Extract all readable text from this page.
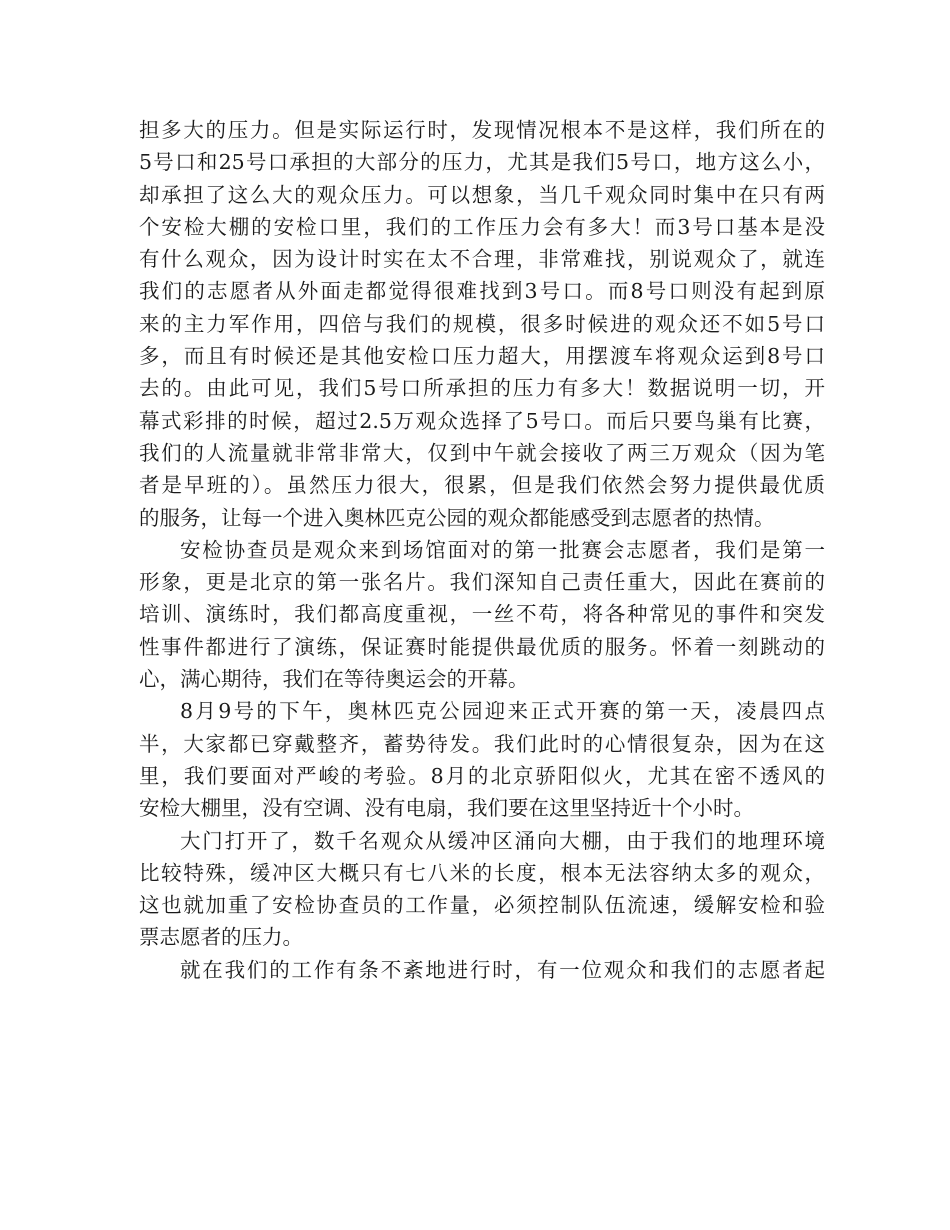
担多大的压力。但是实际运行时，发现情况根本不是这样，我们所在的
5号口和25号口承担的大部分的压力，尤其是我们5号口，地方这么小，
却承担了这么大的观众压力。可以想象，当几千观众同时集中在只有两
个安检大棚的安检口里，我们的工作压力会有多大！而3号口基本是没
有什么观众，因为设计时实在太不合理，非常难找，别说观众了，就连
我们的志愿者从外面走都觉得很难找到3号口。而8号口则没有起到原
来的主力军作用，四倍与我们的规模，很多时候进的观众还不如5号口
多，而且有时候还是其他安检口压力超大，用摆渡车将观众运到8号口
去的。由此可见，我们5号口所承担的压力有多大！数据说明一切，开
幕式彩排的时候，超过2.5万观众选择了5号口。而后只要鸟巢有比赛，
我们的人流量就非常非常大，仅到中午就会接收了两三万观众（因为笔
者是早班的）。虽然压力很大，很累，但是我们依然会努力提供最优质
的服务，让每一个进入奥林匹克公园的观众都能感受到志愿者的热情。
安检协查员是观众来到场馆面对的第一批赛会志愿者，我们是第一
形象，更是北京的第一张名片。我们深知自己责任重大，因此在赛前的
培训、演练时，我们都高度重视，一丝不苟，将各种常见的事件和突发
性事件都进行了演练，保证赛时能提供最优质的服务。怀着一刻跳动的
心，满心期待，我们在等待奥运会的开幕。
8月9号的下午，奥林匹克公园迎来正式开赛的第一天，凌晨四点
半，大家都已穿戴整齐，蓄势待发。我们此时的心情很复杂，因为在这
里，我们要面对严峻的考验。8月的北京骄阳似火，尤其在密不透风的
安检大棚里，没有空调、没有电扇，我们要在这里坚持近十个小时。
大门打开了，数千名观众从缓冲区涌向大棚，由于我们的地理环境
比较特殊，缓冲区大概只有七八米的长度，根本无法容纳太多的观众，
这也就加重了安检协查员的工作量，必须控制队伍流速，缓解安检和验
票志愿者的压力。
就在我们的工作有条不紊地进行时，有一位观众和我们的志愿者起
